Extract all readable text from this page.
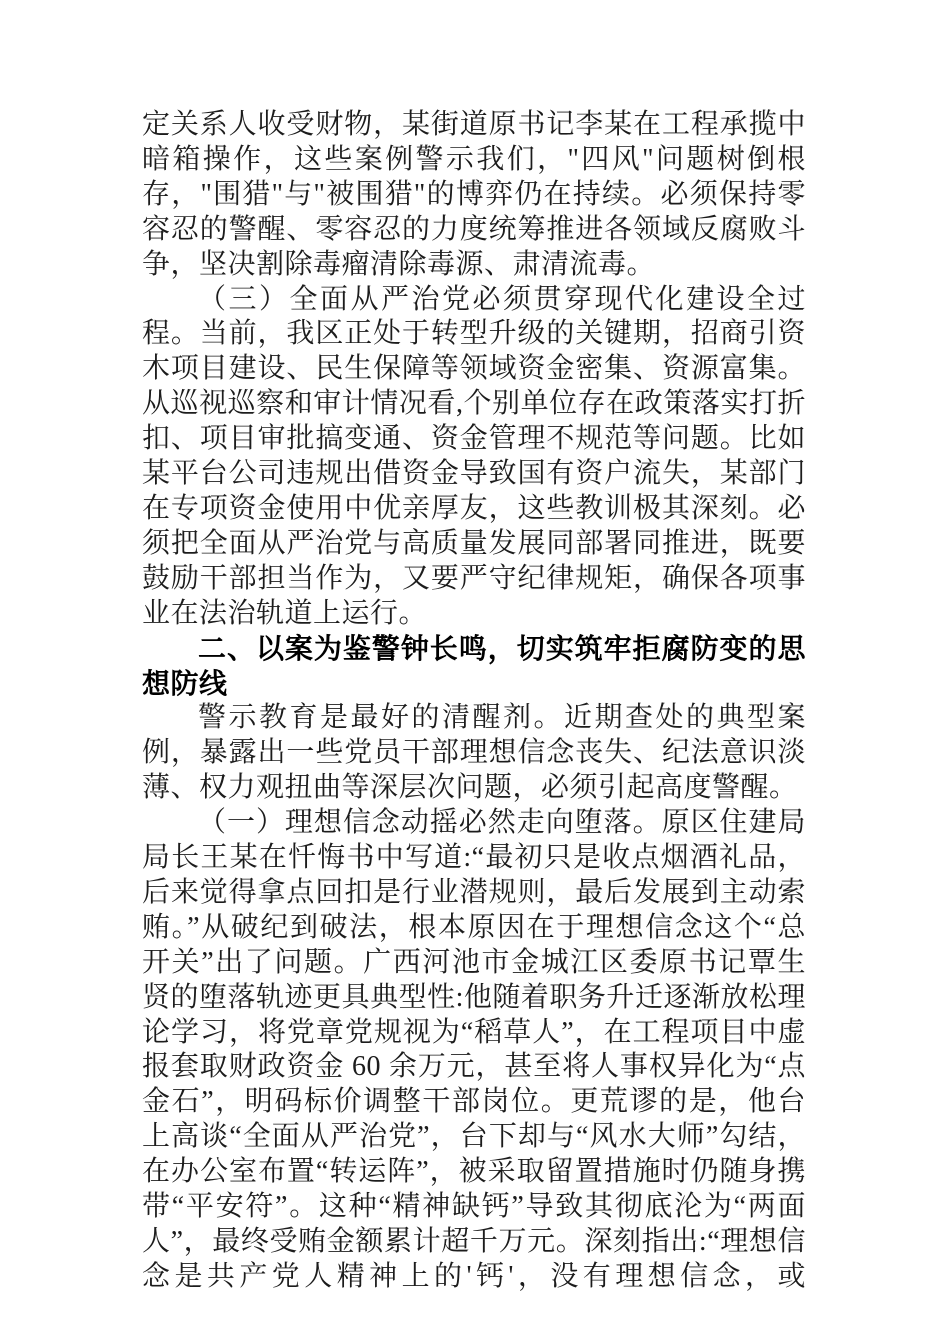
定关系人收受财物，某街道原书记李某在工程承揽中暗箱操作，这些案例警示我们，"四风"问题树倒根存，"围猎"与"被围猎"的博弈仍在持续。必须保持零容忍的警醒、零容忍的力度统筹推进各领域反腐败斗争，坚决割除毒瘤清除毒源、肃清流毒。

（三）全面从严治党必须贯穿现代化建设全过程。当前，我区正处于转型升级的关键期，招商引资木项目建设、民生保障等领域资金密集、资源富集。从巡视巡察和审计情况看,个别单位存在政策落实打折扣、项目审批搞变通、资金管理不规范等问题。比如某平台公司违规出借资金导致国有资户流失，某部门在专项资金使用中优亲厚友，这些教训极其深刻。必须把全面从严治党与高质量发展同部署同推进，既要鼓励干部担当作为，又要严守纪律规矩，确保各项事业在法治轨道上运行。

二、以案为鉴警钟长鸣，切实筑牢拒腐防变的思想防线

警示教育是最好的清醒剂。近期查处的典型案例，暴露出一些党员干部理想信念丧失、纪法意识淡薄、权力观扭曲等深层次问题，必须引起高度警醒。

（一）理想信念动摇必然走向堕落。原区住建局局长王某在忏悔书中写道:“最初只是收点烟酒礼品，后来觉得拿点回扣是行业潜规则，最后发展到主动索贿。”从破纪到破法，根本原因在于理想信念这个“总开关”出了问题。广西河池市金城江区委原书记覃生贤的堕落轨迹更具典型性:他随着职务升迁逐渐放松理论学习，将党章党规视为“稻草人”，在工程项目中虚报套取财政资金 60 余万元，甚至将人事权异化为“点金石”，明码标价调整干部岗位。更荒谬的是，他台上高谈“全面从严治党”，台下却与“风水大师”勾结，在办公室布置“转运阵”，被采取留置措施时仍随身携带“平安符”。这种“精神缺钙”导致其彻底沦为“两面人”，最终受贿金额累计超千万元。深刻指出:“理想信念是共产党人精神上的'钙'，没有理想信念，或
